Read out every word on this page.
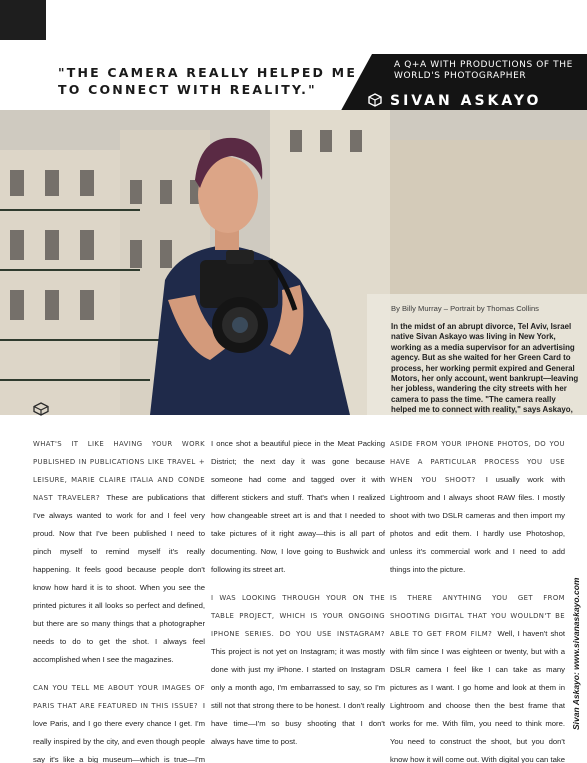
"THE CAMERA REALLY HELPED ME TO CONNECT WITH REALITY."
A Q+A WITH PRODUCTIONS OF THE WORLD'S PHOTOGRAPHER
SIVAN ASKAYO
By Billy Murray – Portrait by Thomas Collins

In the midst of an abrupt divorce, Tel Aviv, Israel native Sivan Askayo was living in New York, working as a media supervisor for an advertising agency. But as she waited for her Green Card to process, her working permit expired and General Motors, her only account, went bankrupt—leaving her jobless, wandering the city streets with her camera to pass the time. "The camera really helped me to connect with reality," says Askayo,

WHAT'S IT LIKE HAVING YOUR WORK PUBLISHED IN PUBLICATIONS LIKE TRAVEL + LEISURE, MARIE CLAIRE ITALIA AND CONDE NAST TRAVELER? These are publications that I've always wanted to work for and I feel very proud. Now that I've been published I need to pinch myself to remind myself it's really happening. It feels good because people don't know how hard it is to shoot. When you see the printed pictures it all looks so perfect and defined, but there are so many things that a photographer needs to do to get the shot. I always feel accomplished when I see the magazines.
CAN YOU TELL ME ABOUT YOUR IMAGES OF PARIS THAT ARE FEATURED IN THIS ISSUE? I love Paris, and I go there every chance I get. I'm really inspired by the city, and even though people say it's like a big museum—which is true—I'm
I once shot a beautiful piece in the Meat Packing District; the next day it was gone because someone had come and tagged over it with different stickers and stuff. That's when I realized how changeable street art is and that I needed to take pictures of it right away—this is all part of documenting. Now, I love going to Bushwick and following its street art.
I WAS LOOKING THROUGH YOUR ON THE TABLE PROJECT, WHICH IS YOUR ONGOING IPHONE SERIES. DO YOU USE INSTAGRAM? This project is not yet on Instagram; it was mostly done with just my iPhone. I started on Instagram only a month ago, I'm embarrassed to say, so I'm still not that strong there to be honest. I don't really have time—I'm so busy shooting that I don't always have time to post.
ASIDE FROM YOUR IPHONE PHOTOS, DO YOU HAVE A PARTICULAR PROCESS YOU USE WHEN YOU SHOOT? I usually work with Lightroom and I always shoot RAW files. I mostly shoot with two DSLR cameras and then import my photos and edit them. I hardly use Photoshop, unless it's commercial work and I need to add things into the picture.
IS THERE ANYTHING YOU GET FROM SHOOTING DIGITAL THAT YOU WOULDN'T BE ABLE TO GET FROM FILM? Well, I haven't shot with film since I was eighteen or twenty, but with a DSLR camera I feel like I can take as many pictures as I want. I go home and look at them in Lightroom and choose then the best frame that works for me. With film, you need to think more. You need to construct the shoot, but you don't know how it will come out. With digital you can take
Sivan Askayo: www.sivanaskayo.com
